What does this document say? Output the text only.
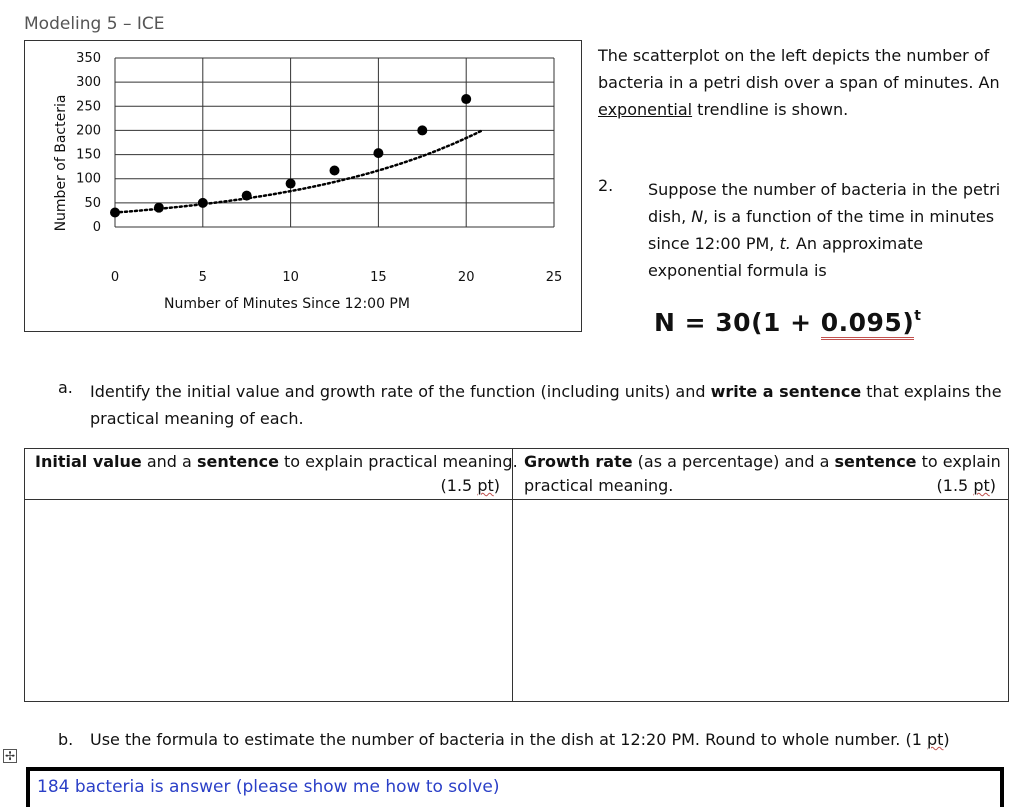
Modeling 5 – ICE
Number of Bacteria
Number of Minutes Since 12:00 PM
350
300
250
200
150
100
50
0
0	5	10	15	20	25
The scatterplot on the left depicts the number of bacteria in a petri dish over a span of minutes. An exponential trendline is shown.
2. Suppose the number of bacteria in the petri dish, N, is a function of the time in minutes since 12:00 PM, t. An approximate exponential formula is
$N = 30(1 + 0.095)^t$
a. Identify the initial value and growth rate of the function (including units) and write a sentence that explains the practical meaning of each.
Initial value and a sentence to explain practical meaning.
(1.5 pt)
Growth rate (as a percentage) and a sentence to explain
practical meaning.	(1.5 pt)
b. Use the formula to estimate the number of bacteria in the dish at 12:20 PM. Round to whole number. (1 pt)
✢
184 bacteria is answer (please show me how to solve)
